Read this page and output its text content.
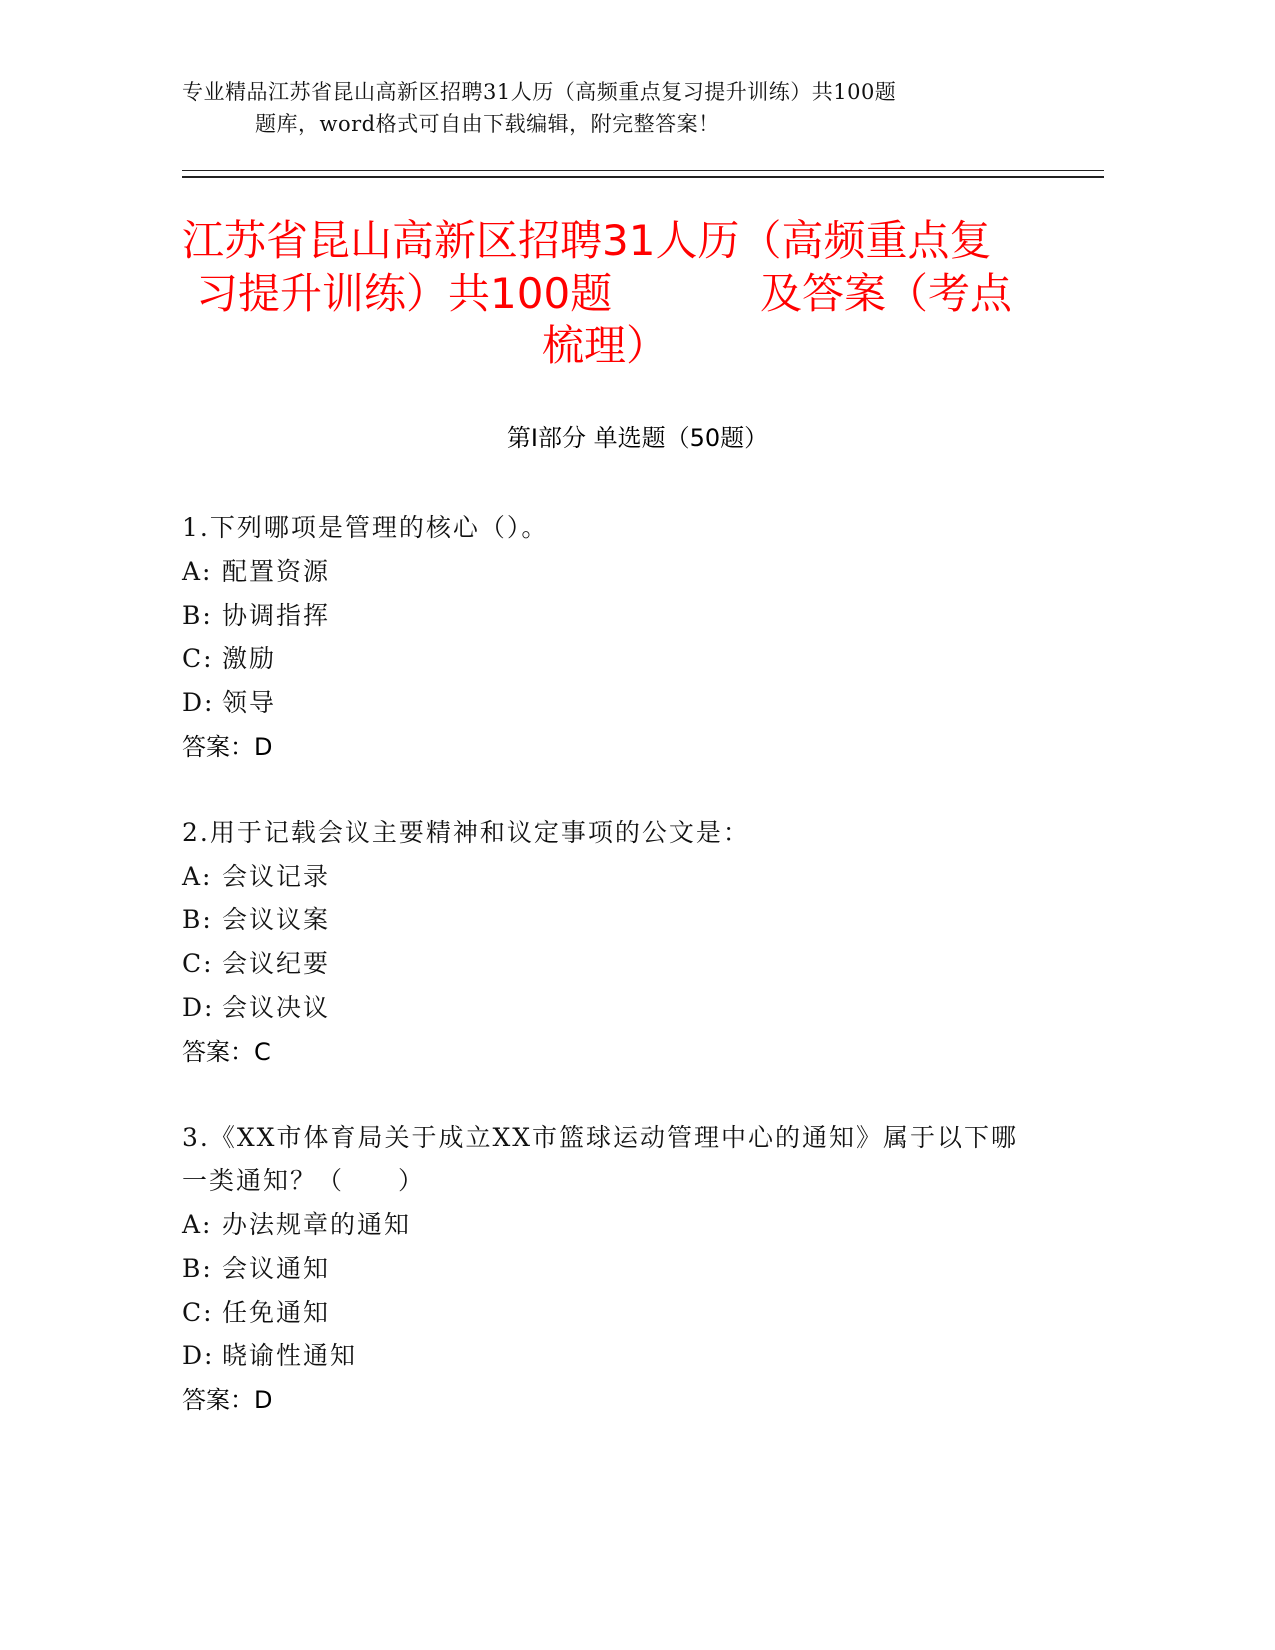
专业精品江苏省昆山高新区招聘31人历（高频重点复习提升训练）共100题
题库，word格式可自由下载编辑，附完整答案！
江苏省昆山高新区招聘31人历（高频重点复
习提升训练）共100题	及答案（考点
梳理）
第Ⅰ部分 单选题（50题）
1.下列哪项是管理的核心（）。
A: 配置资源
B: 协调指挥
C: 激励
D: 领导
答案：D
2.用于记载会议主要精神和议定事项的公文是：
A: 会议记录
B: 会议议案
C: 会议纪要
D: 会议决议
答案：C
3.《XX市体育局关于成立XX市篮球运动管理中心的通知》属于以下哪
一类通知？（　　）
A: 办法规章的通知
B: 会议通知
C: 任免通知
D: 晓谕性通知
答案：D
